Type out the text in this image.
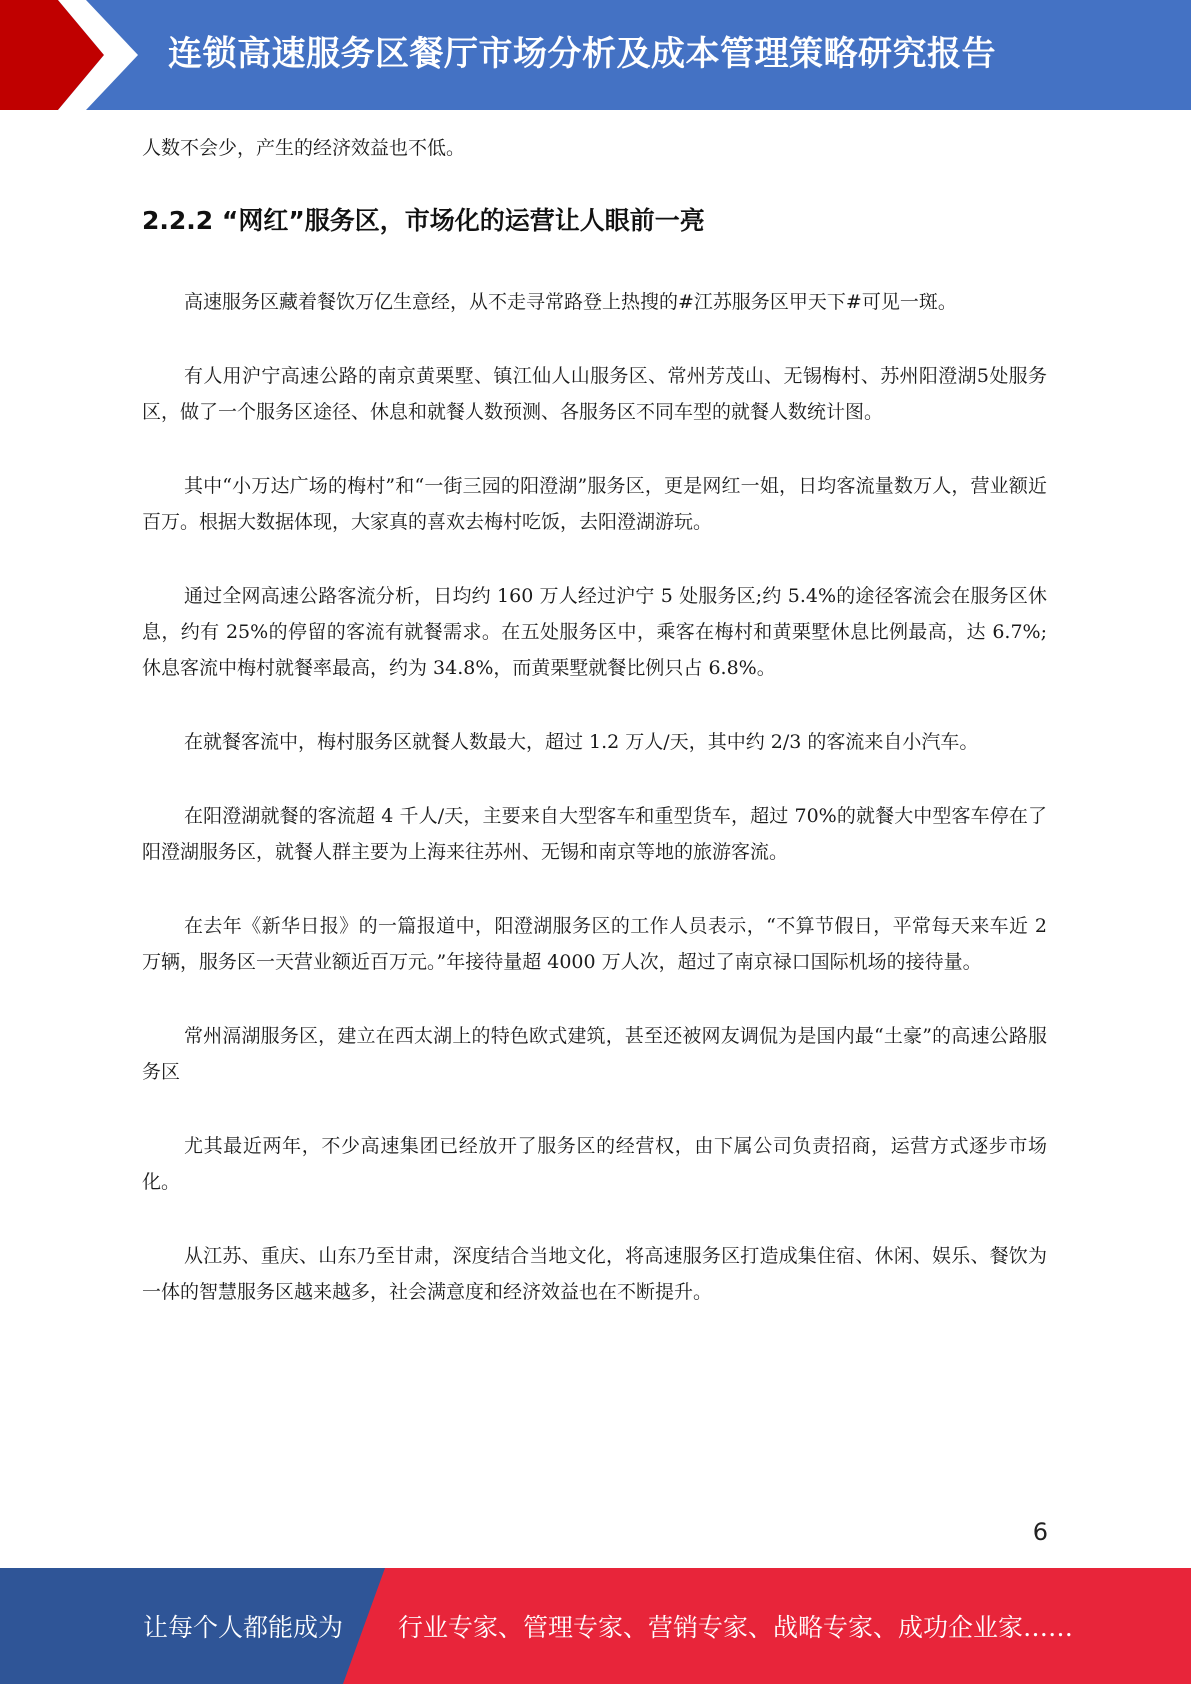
连锁高速服务区餐厅市场分析及成本管理策略研究报告

人数不会少，产生的经济效益也不低。

2.2.2 “网红”服务区，市场化的运营让人眼前一亮

高速服务区藏着餐饮万亿生意经，从不走寻常路登上热搜的#江苏服务区甲天下#可见一斑。

有人用沪宁高速公路的南京黄栗墅、镇江仙人山服务区、常州芳茂山、无锡梅村、苏州阳澄湖5处服务区，做了一个服务区途径、休息和就餐人数预测、各服务区不同车型的就餐人数统计图。

其中“小万达广场的梅村”和“一街三园的阳澄湖”服务区，更是网红一姐，日均客流量数万人，营业额近百万。根据大数据体现，大家真的喜欢去梅村吃饭，去阳澄湖游玩。

通过全网高速公路客流分析，日均约 160 万人经过沪宁 5 处服务区;约 5.4%的途径客流会在服务区休息，约有 25%的停留的客流有就餐需求。在五处服务区中，乘客在梅村和黄栗墅休息比例最高，达 6.7%;休息客流中梅村就餐率最高，约为 34.8%，而黄栗墅就餐比例只占 6.8%。

在就餐客流中，梅村服务区就餐人数最大，超过 1.2 万人/天，其中约 2/3 的客流来自小汽车。

在阳澄湖就餐的客流超 4 千人/天，主要来自大型客车和重型货车，超过 70%的就餐大中型客车停在了阳澄湖服务区，就餐人群主要为上海来往苏州、无锡和南京等地的旅游客流。

在去年《新华日报》的一篇报道中，阳澄湖服务区的工作人员表示，“不算节假日，平常每天来车近 2 万辆，服务区一天营业额近百万元。”年接待量超 4000 万人次，超过了南京禄口国际机场的接待量。

常州滆湖服务区，建立在西太湖上的特色欧式建筑，甚至还被网友调侃为是国内最“土豪”的高速公路服务区

尤其最近两年，不少高速集团已经放开了服务区的经营权，由下属公司负责招商，运营方式逐步市场化。

从江苏、重庆、山东乃至甘肃，深度结合当地文化，将高速服务区打造成集住宿、休闲、娱乐、餐饮为一体的智慧服务区越来越多，社会满意度和经济效益也在不断提升。

6
让每个人都能成为 行业专家、管理专家、营销专家、战略专家、成功企业家……
